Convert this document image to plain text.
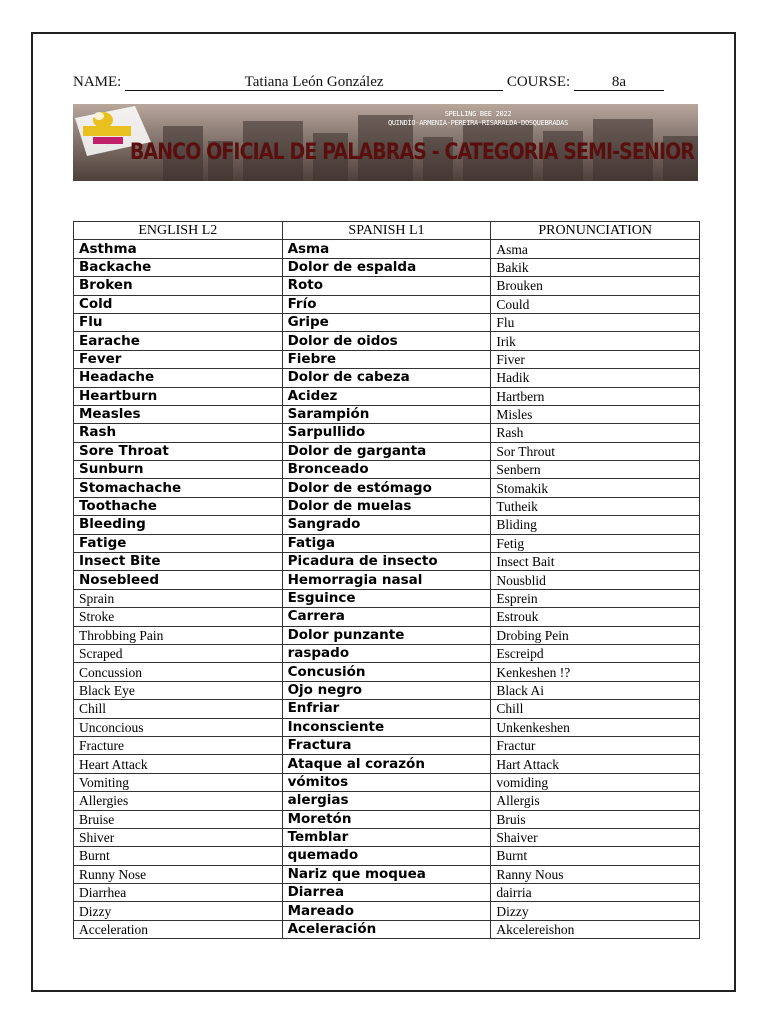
NAME:	Tatiana León González	COURSE:	8a
SPELLING BEE 2022
QUINDÍO-ARMENIA-PEREIRA-RISARALDA-DOSQUEBRADAS
BANCO OFICIAL DE PALABRAS - CATEGORIA SEMI-SENIOR
ENGLISH L2	SPANISH L1	PRONUNCIATION
Asthma	Asma	Asma
Backache	Dolor de espalda	Bakik
Broken	Roto	Brouken
Cold	Frío	Could
Flu	Gripe	Flu
Earache	Dolor de oidos	Irik
Fever	Fiebre	Fiver
Headache	Dolor de cabeza	Hadik
Heartburn	Acidez	Hartbern
Measles	Sarampión	Misles
Rash	Sarpullido	Rash
Sore Throat	Dolor de garganta	Sor Throut
Sunburn	Bronceado	Senbern
Stomachache	Dolor de estómago	Stomakik
Toothache	Dolor de muelas	Tutheik
Bleeding	Sangrado	Bliding
Fatige	Fatiga	Fetig
Insect Bite	Picadura de insecto	Insect Bait
Nosebleed	Hemorragia nasal	Nousblid
Sprain	Esguince	Esprein
Stroke	Carrera	Estrouk
Throbbing Pain	Dolor punzante	Drobing Pein
Scraped	raspado	Escreipd
Concussion	Concusión	Kenkeshen !?
Black Eye	Ojo negro	Black Ai
Chill	Enfriar	Chill
Unconcious	Inconsciente	Unkenkeshen
Fracture	Fractura	Fractur
Heart Attack	Ataque al corazón	Hart Attack
Vomiting	vómitos	vomiding
Allergies	alergias	Allergis
Bruise	Moretón	Bruis
Shiver	Temblar	Shaiver
Burnt	quemado	Burnt
Runny Nose	Nariz que moquea	Ranny Nous
Diarrhea	Diarrea	dairria
Dizzy	Mareado	Dizzy
Acceleration	Aceleración	Akcelereishon
